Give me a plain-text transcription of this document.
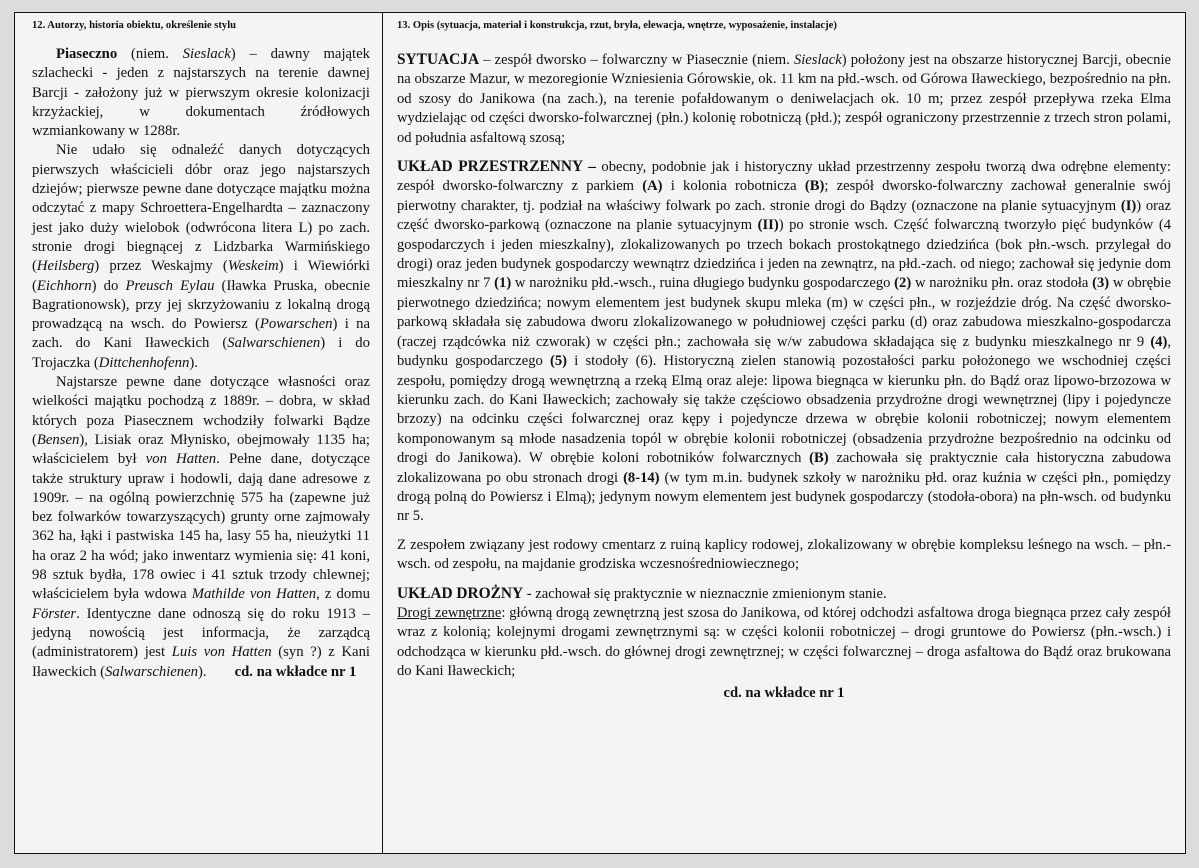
12. Autorzy, historia obiektu, określenie stylu

Piaseczno (niem. Sieslack) – dawny majątek szlachecki - jeden z najstarszych na terenie dawnej Barcji - założony już w pierwszym okresie kolonizacji krzyżackiej, w dokumentach źródłowych wzmiankowany w 1288r.

Nie udało się odnaleźć danych dotyczących pierwszych właścicieli dóbr oraz jego najstarszych dziejów; pierwsze pewne dane dotyczące majątku można odczytać z mapy Schroettera-Engelhardta – zaznaczony jest jako duży wielobok (odwrócona litera L) po zach. stronie drogi biegnącej z Lidzbarka Warmińskiego (Heilsberg) przez Weskajmy (Weskeim) i Wiewiórki (Eichhorn) do Preusch Eylau (Iławka Pruska, obecnie Bagrationowsk), przy jej skrzyżowaniu z lokalną drogą prowadzącą na wsch. do Powiersz (Powarschen) i na zach. do Kani Iławeckich (Salwarschienen) i do Trojaczka (Dittchenhofenn).

Najstarsze pewne dane dotyczące własności oraz wielkości majątku pochodzą z 1889r. – dobra, w skład których poza Piasecznem wchodziły folwarki Bądze (Bensen), Lisiak oraz Młynisko, obejmowały 1135 ha; właścicielem był von Hatten. Pełne dane, dotyczące także struktury upraw i hodowli, dają dane adresowe z 1909r. – na ogólną powierzchnię 575 ha (zapewne już bez folwarków towarzyszących) grunty orne zajmowały 362 ha, łąki i pastwiska 145 ha, lasy 55 ha, nieużytki 11 ha oraz 2 ha wód; jako inwentarz wymienia się: 41 koni, 98 sztuk bydła, 178 owiec i 41 sztuk trzody chlewnej; właścicielem była wdowa Mathilde von Hatten, z domu Förster. Identyczne dane odnoszą się do roku 1913 – jedyną nowością jest informacja, że zarządcą (administratorem) jest Luis von Hatten (syn ?) z Kani Iławeckich (Salwarschienen). cd. na wkładce nr 1

13. Opis (sytuacja, materiał i konstrukcja, rzut, bryła, elewacja, wnętrze, wyposażenie, instalacje)

SYTUACJA – zespół dworsko – folwarczny w Piasecznie (niem. Sieslack) położony jest na obszarze historycznej Barcji, obecnie na obszarze Mazur, w mezoregionie Wzniesienia Górowskie, ok. 11 km na płd.-wsch. od Górowa Iławeckiego, bezpośrednio na płn. od szosy do Janikowa (na zach.), na terenie pofałdowanym o deniwelacjach ok. 10 m; przez zespół przepływa rzeka Elma wydzielając od części dworsko-folwarcznej (płn.) kolonię robotniczą (płd.); zespół ograniczony przestrzennie z trzech stron polami, od południa asfaltową szosą;

UKŁAD PRZESTRZENNY – obecny, podobnie jak i historyczny układ przestrzenny zespołu tworzą dwa odrębne elementy: zespół dworsko-folwarczny z parkiem (A) i kolonia robotnicza (B); zespół dworsko-folwarczny zachował generalnie swój pierwotny charakter, tj. podział na właściwy folwark po zach. stronie drogi do Bądzy (oznaczone na planie sytuacyjnym (I)) oraz część dworsko-parkową (oznaczone na planie sytuacyjnym (II)) po stronie wsch. Część folwarczną tworzyło pięć budynków (4 gospodarczych i jeden mieszkalny), zlokalizowanych po trzech bokach prostokątnego dziedzińca (bok płn.-wsch. przylegał do drogi) oraz jeden budynek gospodarczy wewnątrz dziedzińca i jeden na zewnątrz, na płd.-zach. od niego; zachował się jedynie dom mieszkalny nr 7 (1) w narożniku płd.-wsch., ruina długiego budynku gospodarczego (2) w narożniku płn. oraz stodoła (3) w obrębie pierwotnego dziedzińca; nowym elementem jest budynek skupu mleka (m) w części płn., w rozjeździe dróg. Na część dworsko-parkową składała się zabudowa dworu zlokalizowanego w południowej części parku (d) oraz zabudowa mieszkalno-gospodarcza (raczej rządcówka niż czworak) w części płn.; zachowała się w/w zabudowa składająca się z budynku mieszkalnego nr 9 (4), budynku gospodarczego (5) i stodoły (6). Historyczną zielen stanowią pozostałości parku położonego we wschodniej części zespołu, pomiędzy drogą wewnętrzną a rzeką Elmą oraz aleje: lipowa biegnąca w kierunku płn. do Bądź oraz lipowo-brzozowa w kierunku zach. do Kani Iławeckich; zachowały się także częściowo obsadzenia przydrożne drogi wewnętrznej (lipy i pojedyncze brzozy) na odcinku części folwarcznej oraz kępy i pojedyncze drzewa w obrębie kolonii robotniczej; nowym elementem komponowanym są młode nasadzenia topól w obrębie kolonii robotniczej (obsadzenia przydrożne bezpośrednio na odcinku od drogi do Janikowa). W obrębie koloni robotników folwarcznych (B) zachowała się praktycznie cała historyczna zabudowa zlokalizowana po obu stronach drogi (8-14) (w tym m.in. budynek szkoły w narożniku płd. oraz kuźnia w części płn., pomiędzy drogą polną do Powiersz i Elmą); jedynym nowym elementem jest budynek gospodarczy (stodoła-obora) na płn-wsch. od budynku nr 5.

Z zespołem związany jest rodowy cmentarz z ruiną kaplicy rodowej, zlokalizowany w obrębie kompleksu leśnego na wsch. – płn.-wsch. od zespołu, na majdanie grodziska wczesnośredniowiecznego;

UKŁAD DROŻNY - zachował się praktycznie w nieznacznie zmienionym stanie.
Drogi zewnętrzne: główną drogą zewnętrzną jest szosa do Janikowa, od której odchodzi asfaltowa droga biegnąca przez cały zespół wraz z kolonią; kolejnymi drogami zewnętrznymi są: w części kolonii robotniczej – drogi gruntowe do Powiersz (płn.-wsch.) i odchodząca w kierunku płd.-wsch. do głównej drogi zewnętrznej; w części folwarcznej – droga asfaltowa do Bądź oraz brukowana do Kani Iławeckich;

cd. na wkładce nr 1
